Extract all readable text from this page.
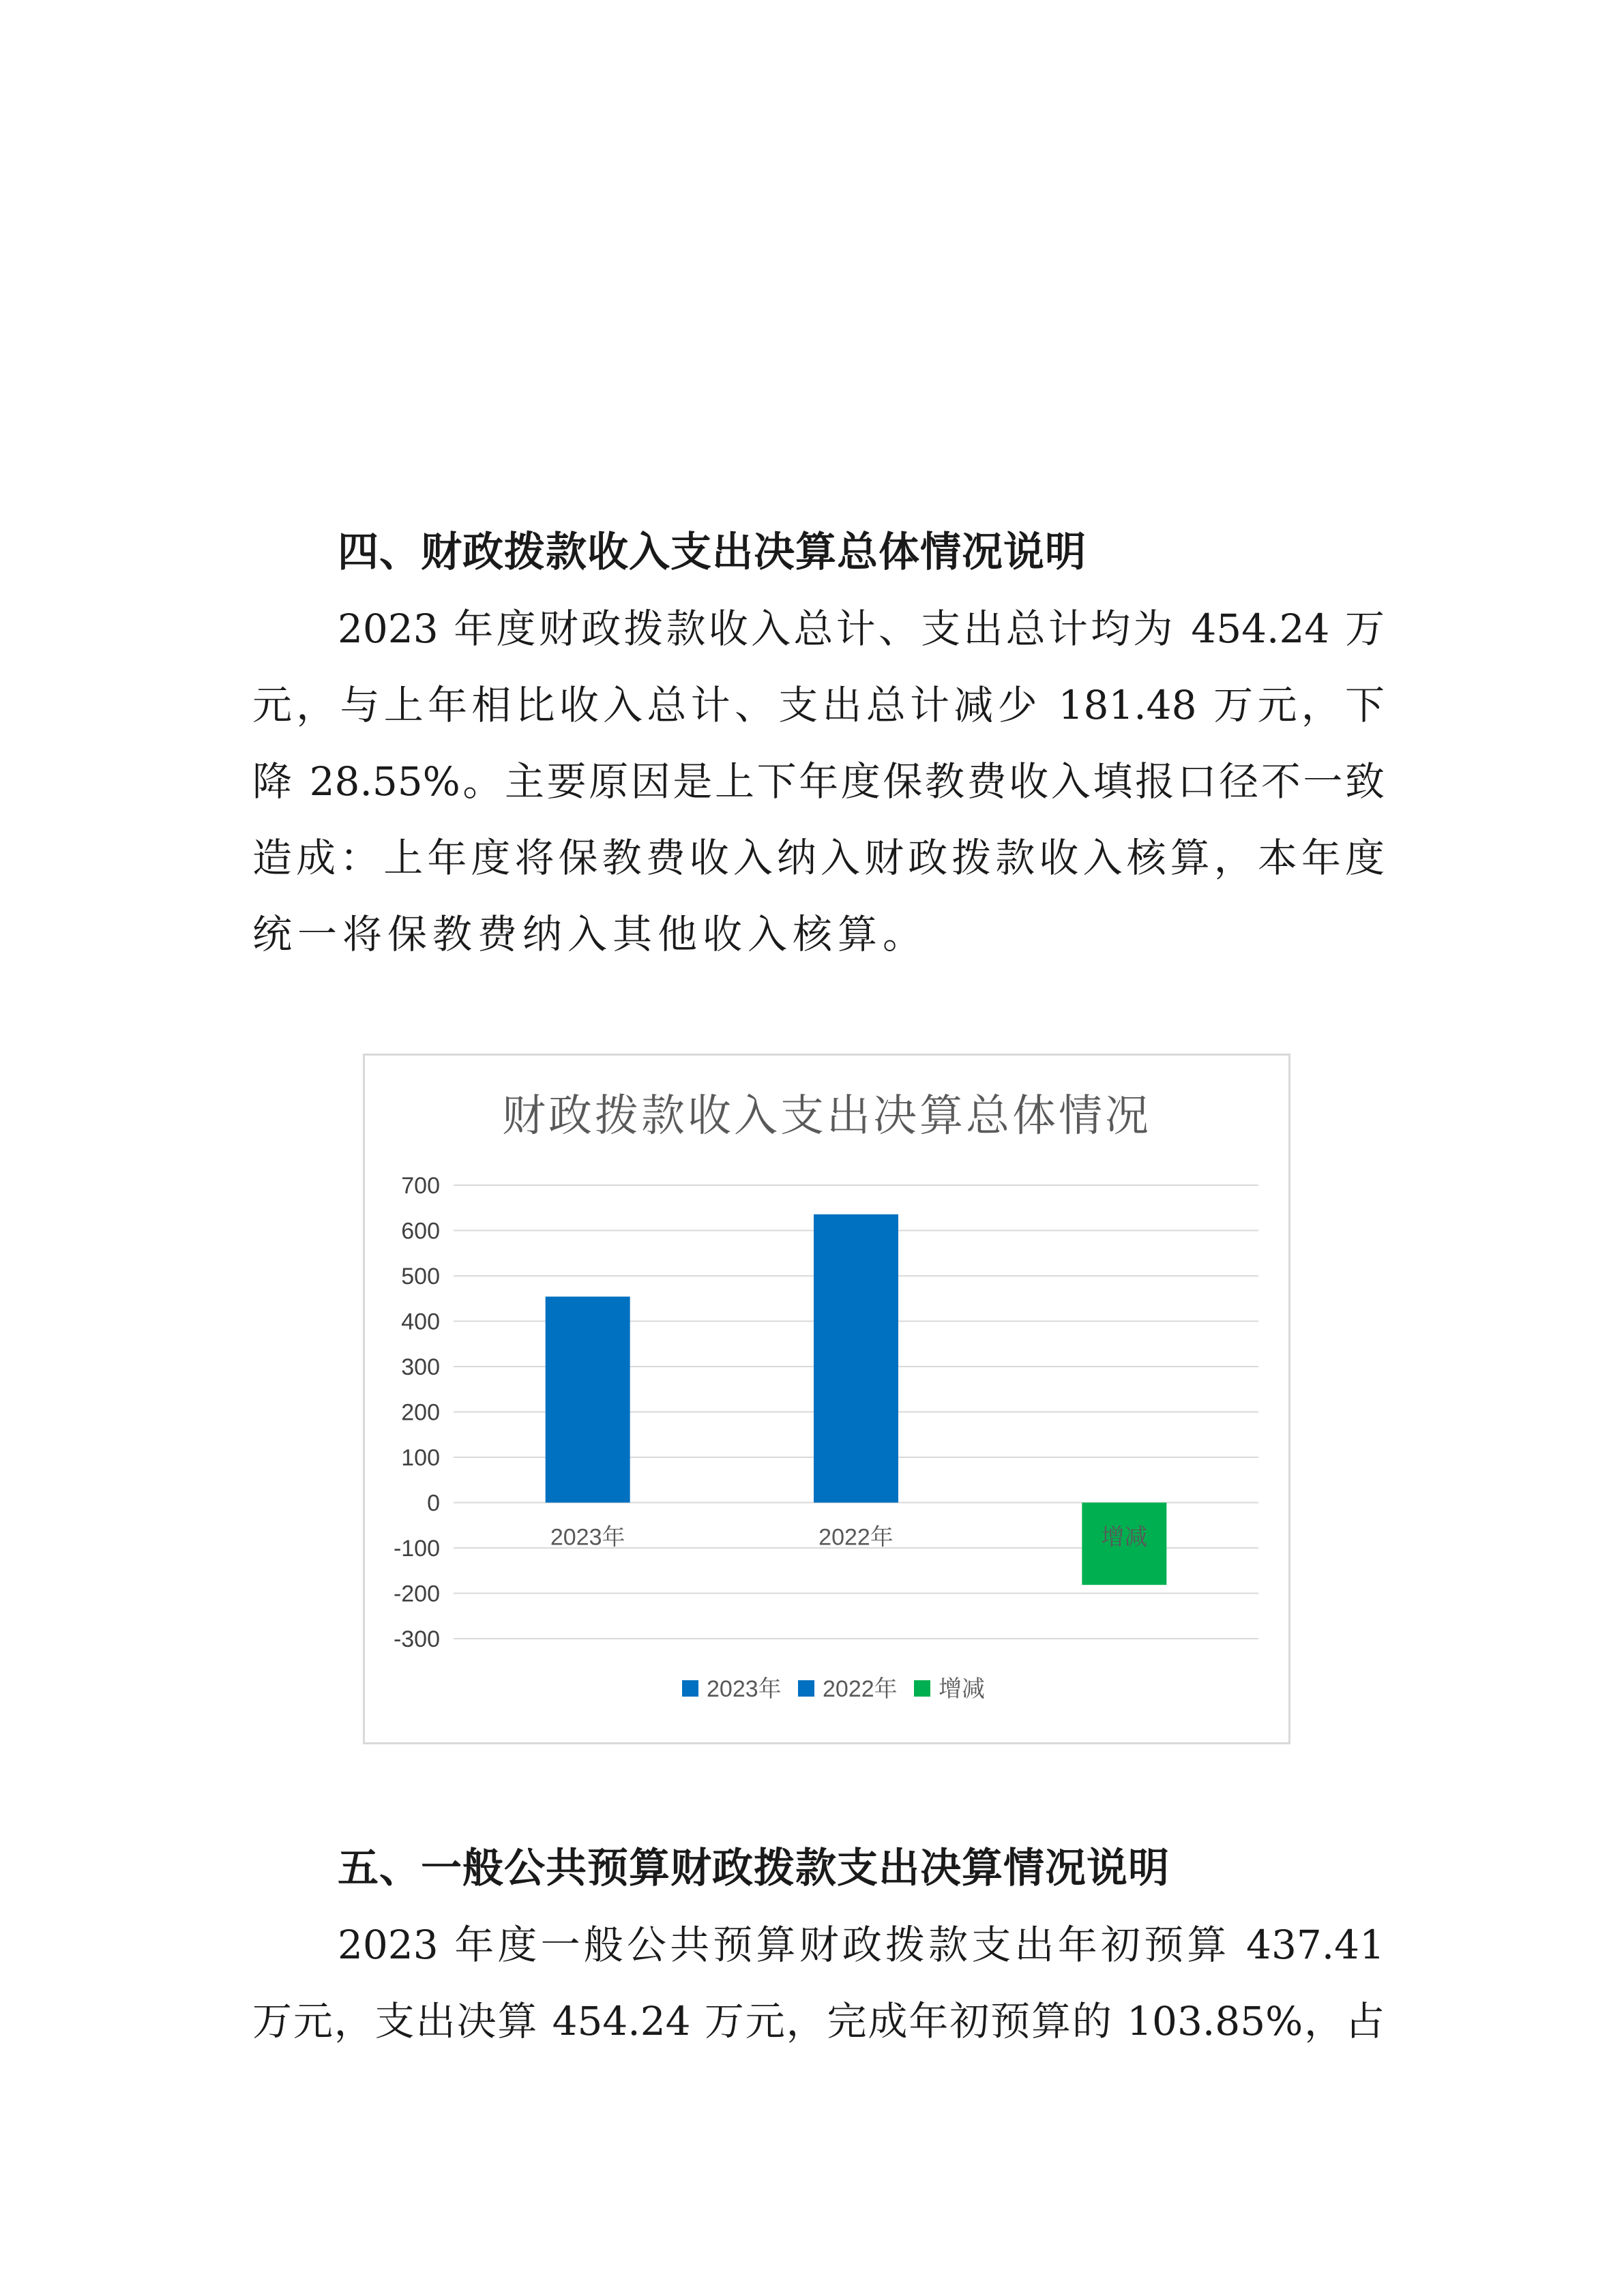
四、财政拨款收入支出决算总体情况说明
2023 年度财政拨款收入总计、支出总计均为 454.24 万
元，与上年相比收入总计、支出总计减少 181.48 万元，下
降 28.55%。主要原因是上下年度保教费收入填报口径不一致
造成：上年度将保教费收入纳入财政拨款收入核算，本年度
统一将保教费纳入其他收入核算。
财政拨款收入支出决算总体情况
700
600
500
400
300
200
100
0
-100
-200
-300
2023年	2022年	增减
2023年 2022年 增减
五、一般公共预算财政拨款支出决算情况说明
2023 年度一般公共预算财政拨款支出年初预算 437.41
万元，支出决算 454.24 万元，完成年初预算的 103.85%，占
